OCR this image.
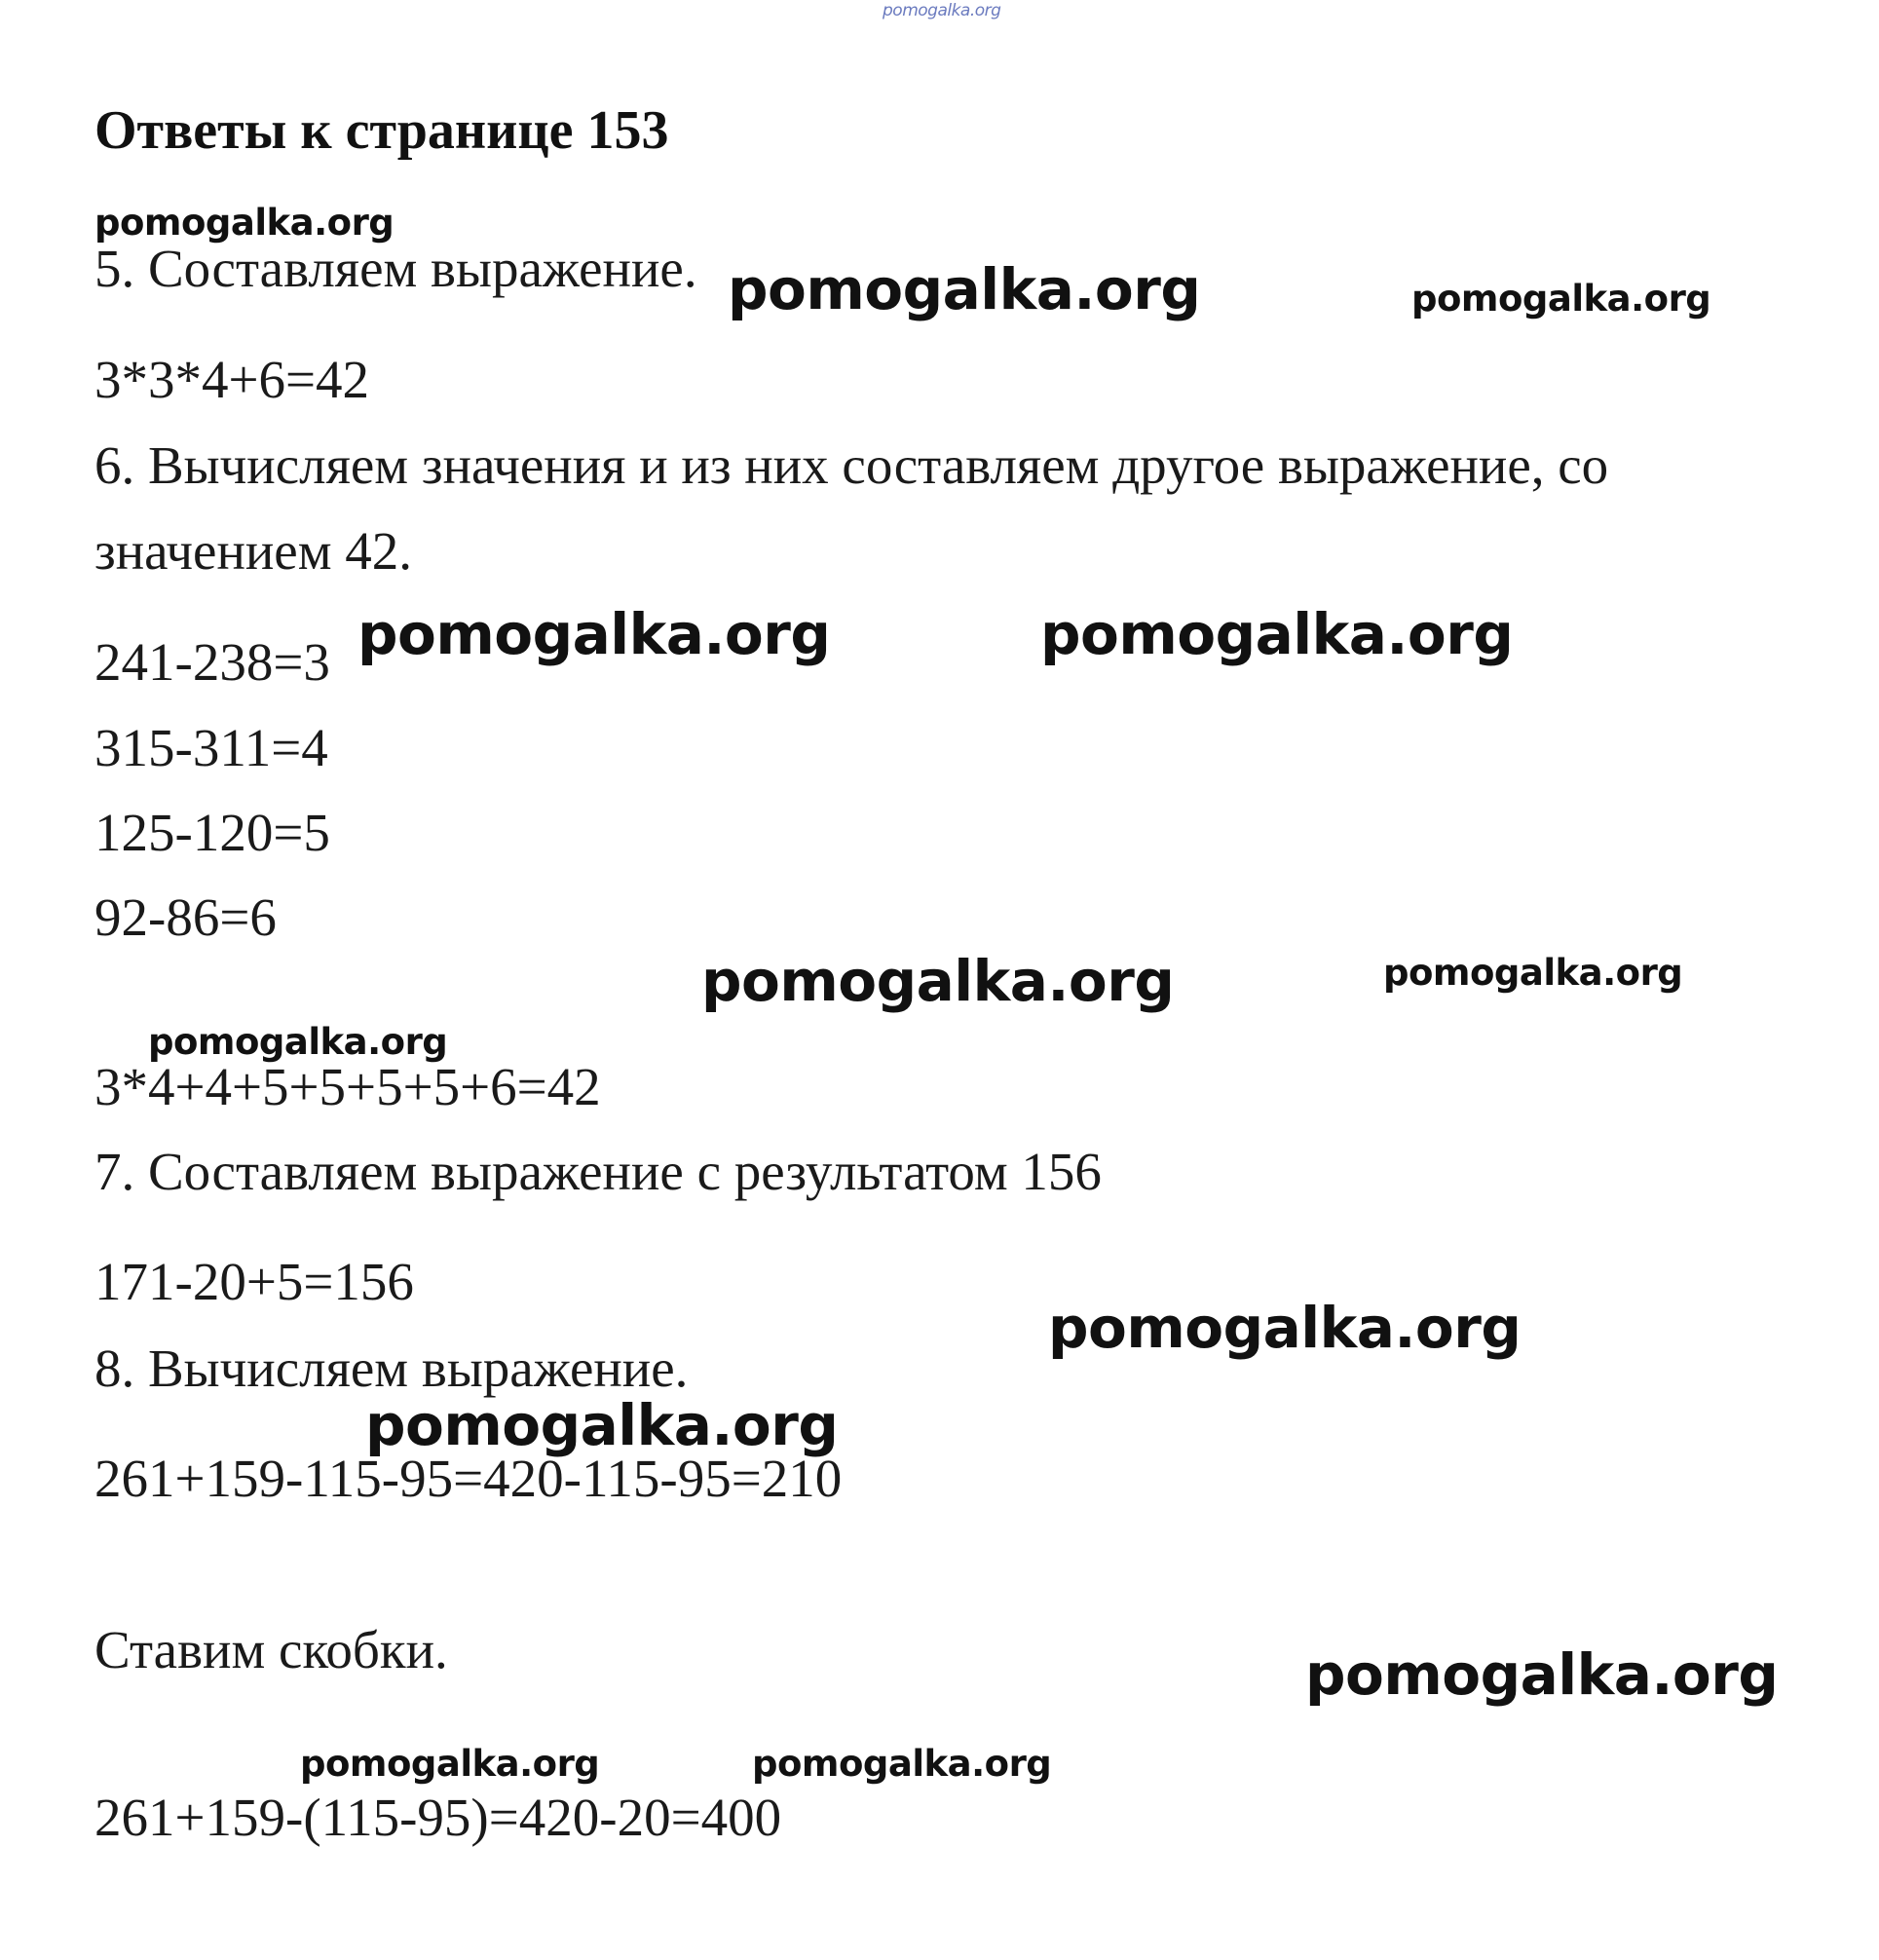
pomogalka.org
Ответы к странице 153
pomogalka.org
5. Составляем выражение. pomogalka.org	pomogalka.org
3*3*4+6=42
6. Вычисляем значения и из них составляем другое выражение, со
значением 42.
241-238=3 pomogalka.org	pomogalka.org
315-311=4
125-120=5
92-86=6
pomogalka.org	pomogalka.org
pomogalka.org
3*4+4+5+5+5+5+6=42
7. Составляем выражение с результатом 156
171-20+5=156
pomogalka.org
8. Вычисляем выражение.
pomogalka.org
261+159-115-95=420-115-95=210
Ставим скобки.	pomogalka.org
pomogalka.org	pomogalka.org
261+159-(115-95)=420-20=400
